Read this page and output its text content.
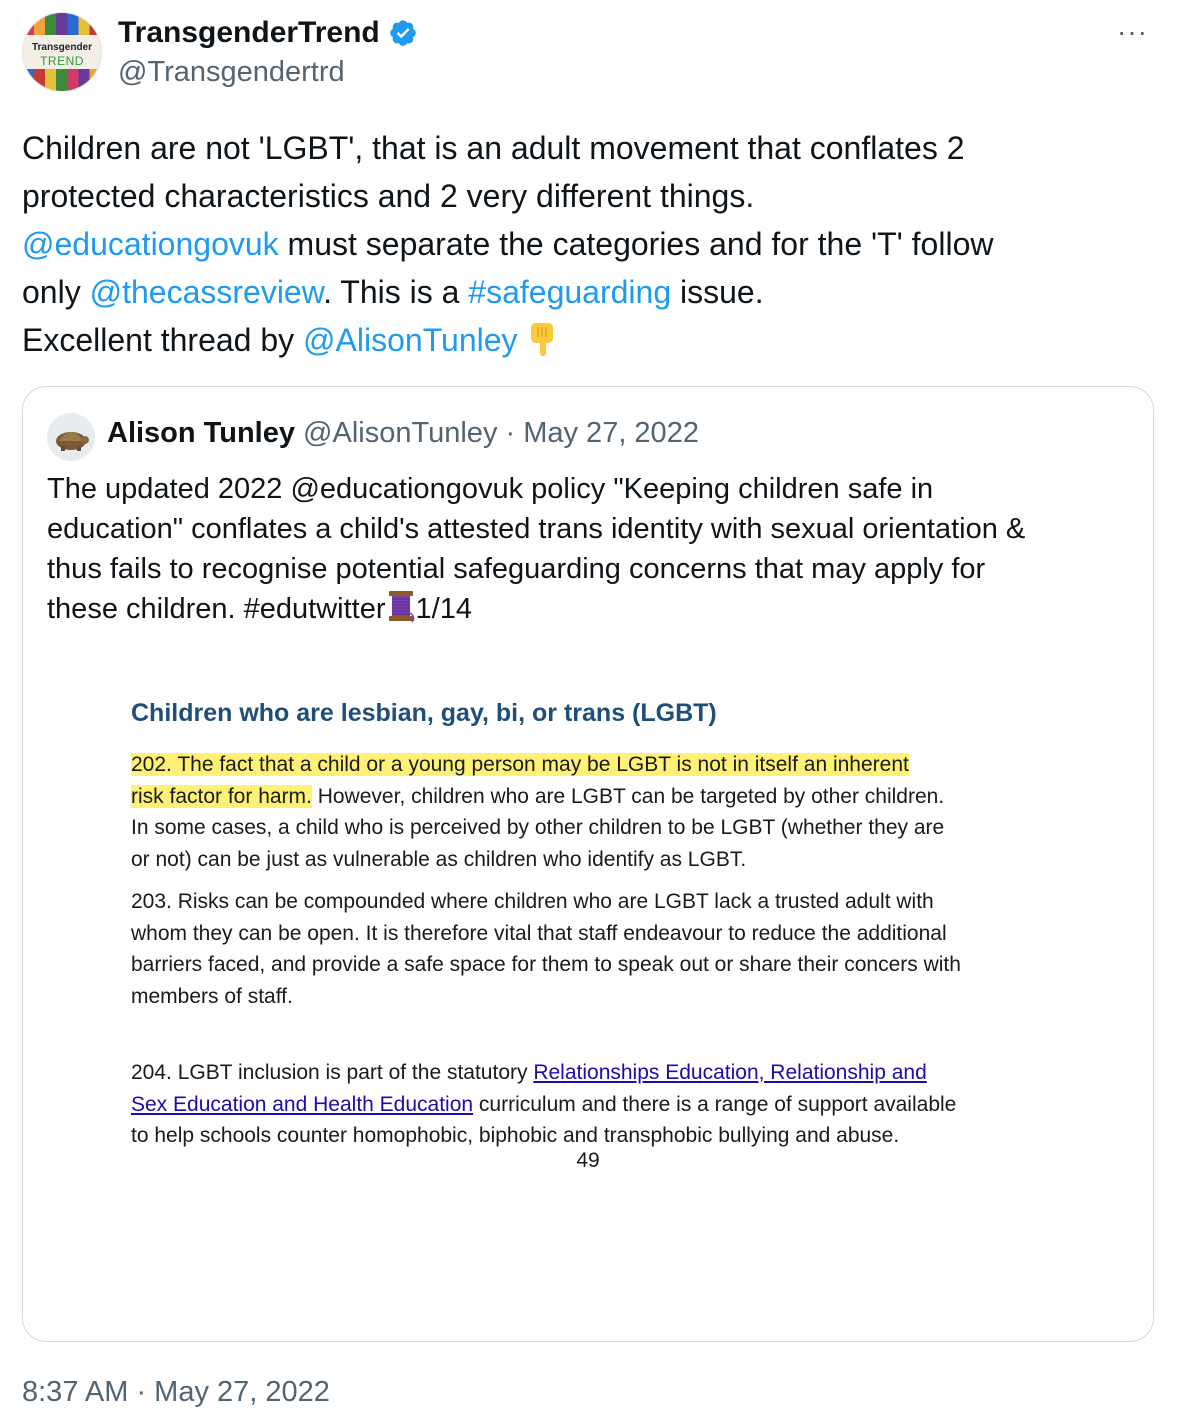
Transgender
TREND
TransgenderTrend
@Transgendertrd
···
Children are not 'LGBT', that is an adult movement that conflates 2
protected characteristics and 2 very different things.
@educationgovuk must separate the categories and for the 'T' follow
only @thecassreview. This is a #safeguarding issue.
Excellent thread by @AlisonTunley
Alison Tunley @AlisonTunley · May 27, 2022
The updated 2022 @educationgovuk policy "Keeping children safe in
education" conflates a child's attested trans identity with sexual orientation &
thus fails to recognise potential safeguarding concerns that may apply for
these children. #edutwitter 1/14
Children who are lesbian, gay, bi, or trans (LGBT)
202. The fact that a child or a young person may be LGBT is not in itself an inherent
risk factor for harm. However, children who are LGBT can be targeted by other children.
In some cases, a child who is perceived by other children to be LGBT (whether they are
or not) can be just as vulnerable as children who identify as LGBT.
203. Risks can be compounded where children who are LGBT lack a trusted adult with
whom they can be open. It is therefore vital that staff endeavour to reduce the additional
barriers faced, and provide a safe space for them to speak out or share their concers with
members of staff.
204. LGBT inclusion is part of the statutory Relationships Education, Relationship and
Sex Education and Health Education curriculum and there is a range of support available
to help schools counter homophobic, biphobic and transphobic bullying and abuse.
49
8:37 AM · May 27, 2022
